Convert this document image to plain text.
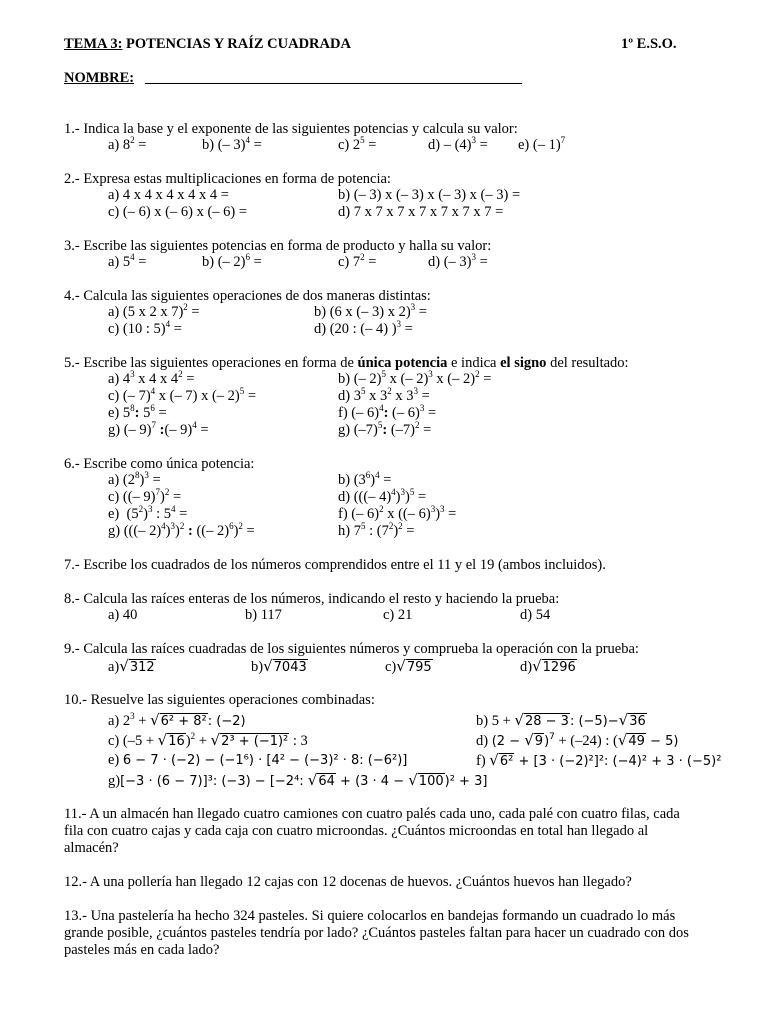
TEMA 3: POTENCIAS Y RAÍZ CUADRADA	1º E.S.O.
NOMBRE: ____________________________________________________
1.- Indica la base y el exponente de las siguientes potencias y calcula su valor:
a) $8^2$ =	b) (– 3)$^4$ =	c) $2^5$ =	$d) - (4)^3 = e$) (– 1)$^7$
2.- Expresa estas multiplicaciones en forma de potencia:
a) 4 x 4 x 4 x 4 x 4 =	b) (– 3) x (– 3) x (– 3) x (– 3) =
c) (– 6) x (– 6) x (– 6) =	d) 7 x 7 x 7 x 7 x 7 x 7 x 7 =
3.- Escribe las siguientes potencias en forma de producto y halla su valor:
a) $5^4$ =	b) (– 2)$^6$ =	c) $7^2$ =	d) (– 3)$^3$ =
4.- Calcula las siguientes operaciones de dos maneras distintas:
a) (5 x 2 x 7)$^2$ =	b) (6 x (– 3) x 2)$^3$ =
c) (10 : 5)$^4$ =	d) (20 : (– 4) )$^3$ =
5.- Escribe las siguientes operaciones en forma de única potencia e indica el signo del resultado:
a) $4^3$ x 4 x $4^2$ =	b) (– 2)$^5$ x (– 2)$^3$ x (– 2)$^2$ =
c) (– 7)$^4$ x (– 7) x (– 2)$^5$ =	d) $3^5$ x $3^2$ x $3^3$ =
e) $5^8$: $5^6$ =	f) (– 6)$^4$: (– 6)$^3$ =
g) (– 9)$^7$ :(– 9)$^4$ =	g) $(-7)^5$: $(-7)^2$ =
6.- Escribe como única potencia:
a) $(2^8)^3$ =	b) $(3^6)^4$ =
c) ((– 9)$^7$)$^2$ =	d) (((– 4)$^4$)$^3$)$^5$ =
e)  $(5^2)^3$ : $5^4$ =	f) (– 6)$^2$ x ((– 6)$^3$)$^3$ =
g) (((– 2)$^4$)$^3$)$^2$ : ((– 2)$^6$)$^2$ =	h) $7^5$ : $(7^2)^2$ =
7.- Escribe los cuadrados de los números comprendidos entre el 11 y el 19 (ambos incluidos).
8.- Calcula las raíces enteras de los números, indicando el resto y haciendo la prueba:
a) 40	b) 117	c) 21	d) 54
9.- Calcula las raíces cuadradas de los siguientes números y comprueba la operación con la prueba:
a)√312	b)√7043	c)√795	d)√1296
10.- Resuelve las siguientes operaciones combinadas:
a) $2^3 + √6^2 + 8^2$: (−2)	b) 5 + √28 − 3: (−5)−√36
c) $(-5 + √16)^2 + √2^3 + (-1)^2$ : 3	d) $(2 - √9)^7 + (-24)$ : (√49 − 5)
e) 6 − 7 · (−2) − (−1⁶) · [4² − (−3)² · 8: (−6²)]	f) √6² + [3 · (−2)²]²: (−4)² + 3 · (−5)²
g)[−3 · (6 − 7)]³: (−3) − [−2⁴: √64 + (3 · 4 − √100)² + 3]
11.- A un almacén han llegado cuatro camiones con cuatro palés cada uno, cada palé con cuatro filas, cada
fila con cuatro cajas y cada caja con cuatro microondas. ¿Cuántos microondas en total han llegado al
almacén?
12.- A una pollería han llegado 12 cajas con 12 docenas de huevos. ¿Cuántos huevos han llegado?
13.- Una pastelería ha hecho 324 pasteles. Si quiere colocarlos en bandejas formando un cuadrado lo más
grande posible, ¿cuántos pasteles tendría por lado? ¿Cuántos pasteles faltan para hacer un cuadrado con dos
pasteles más en cada lado?
